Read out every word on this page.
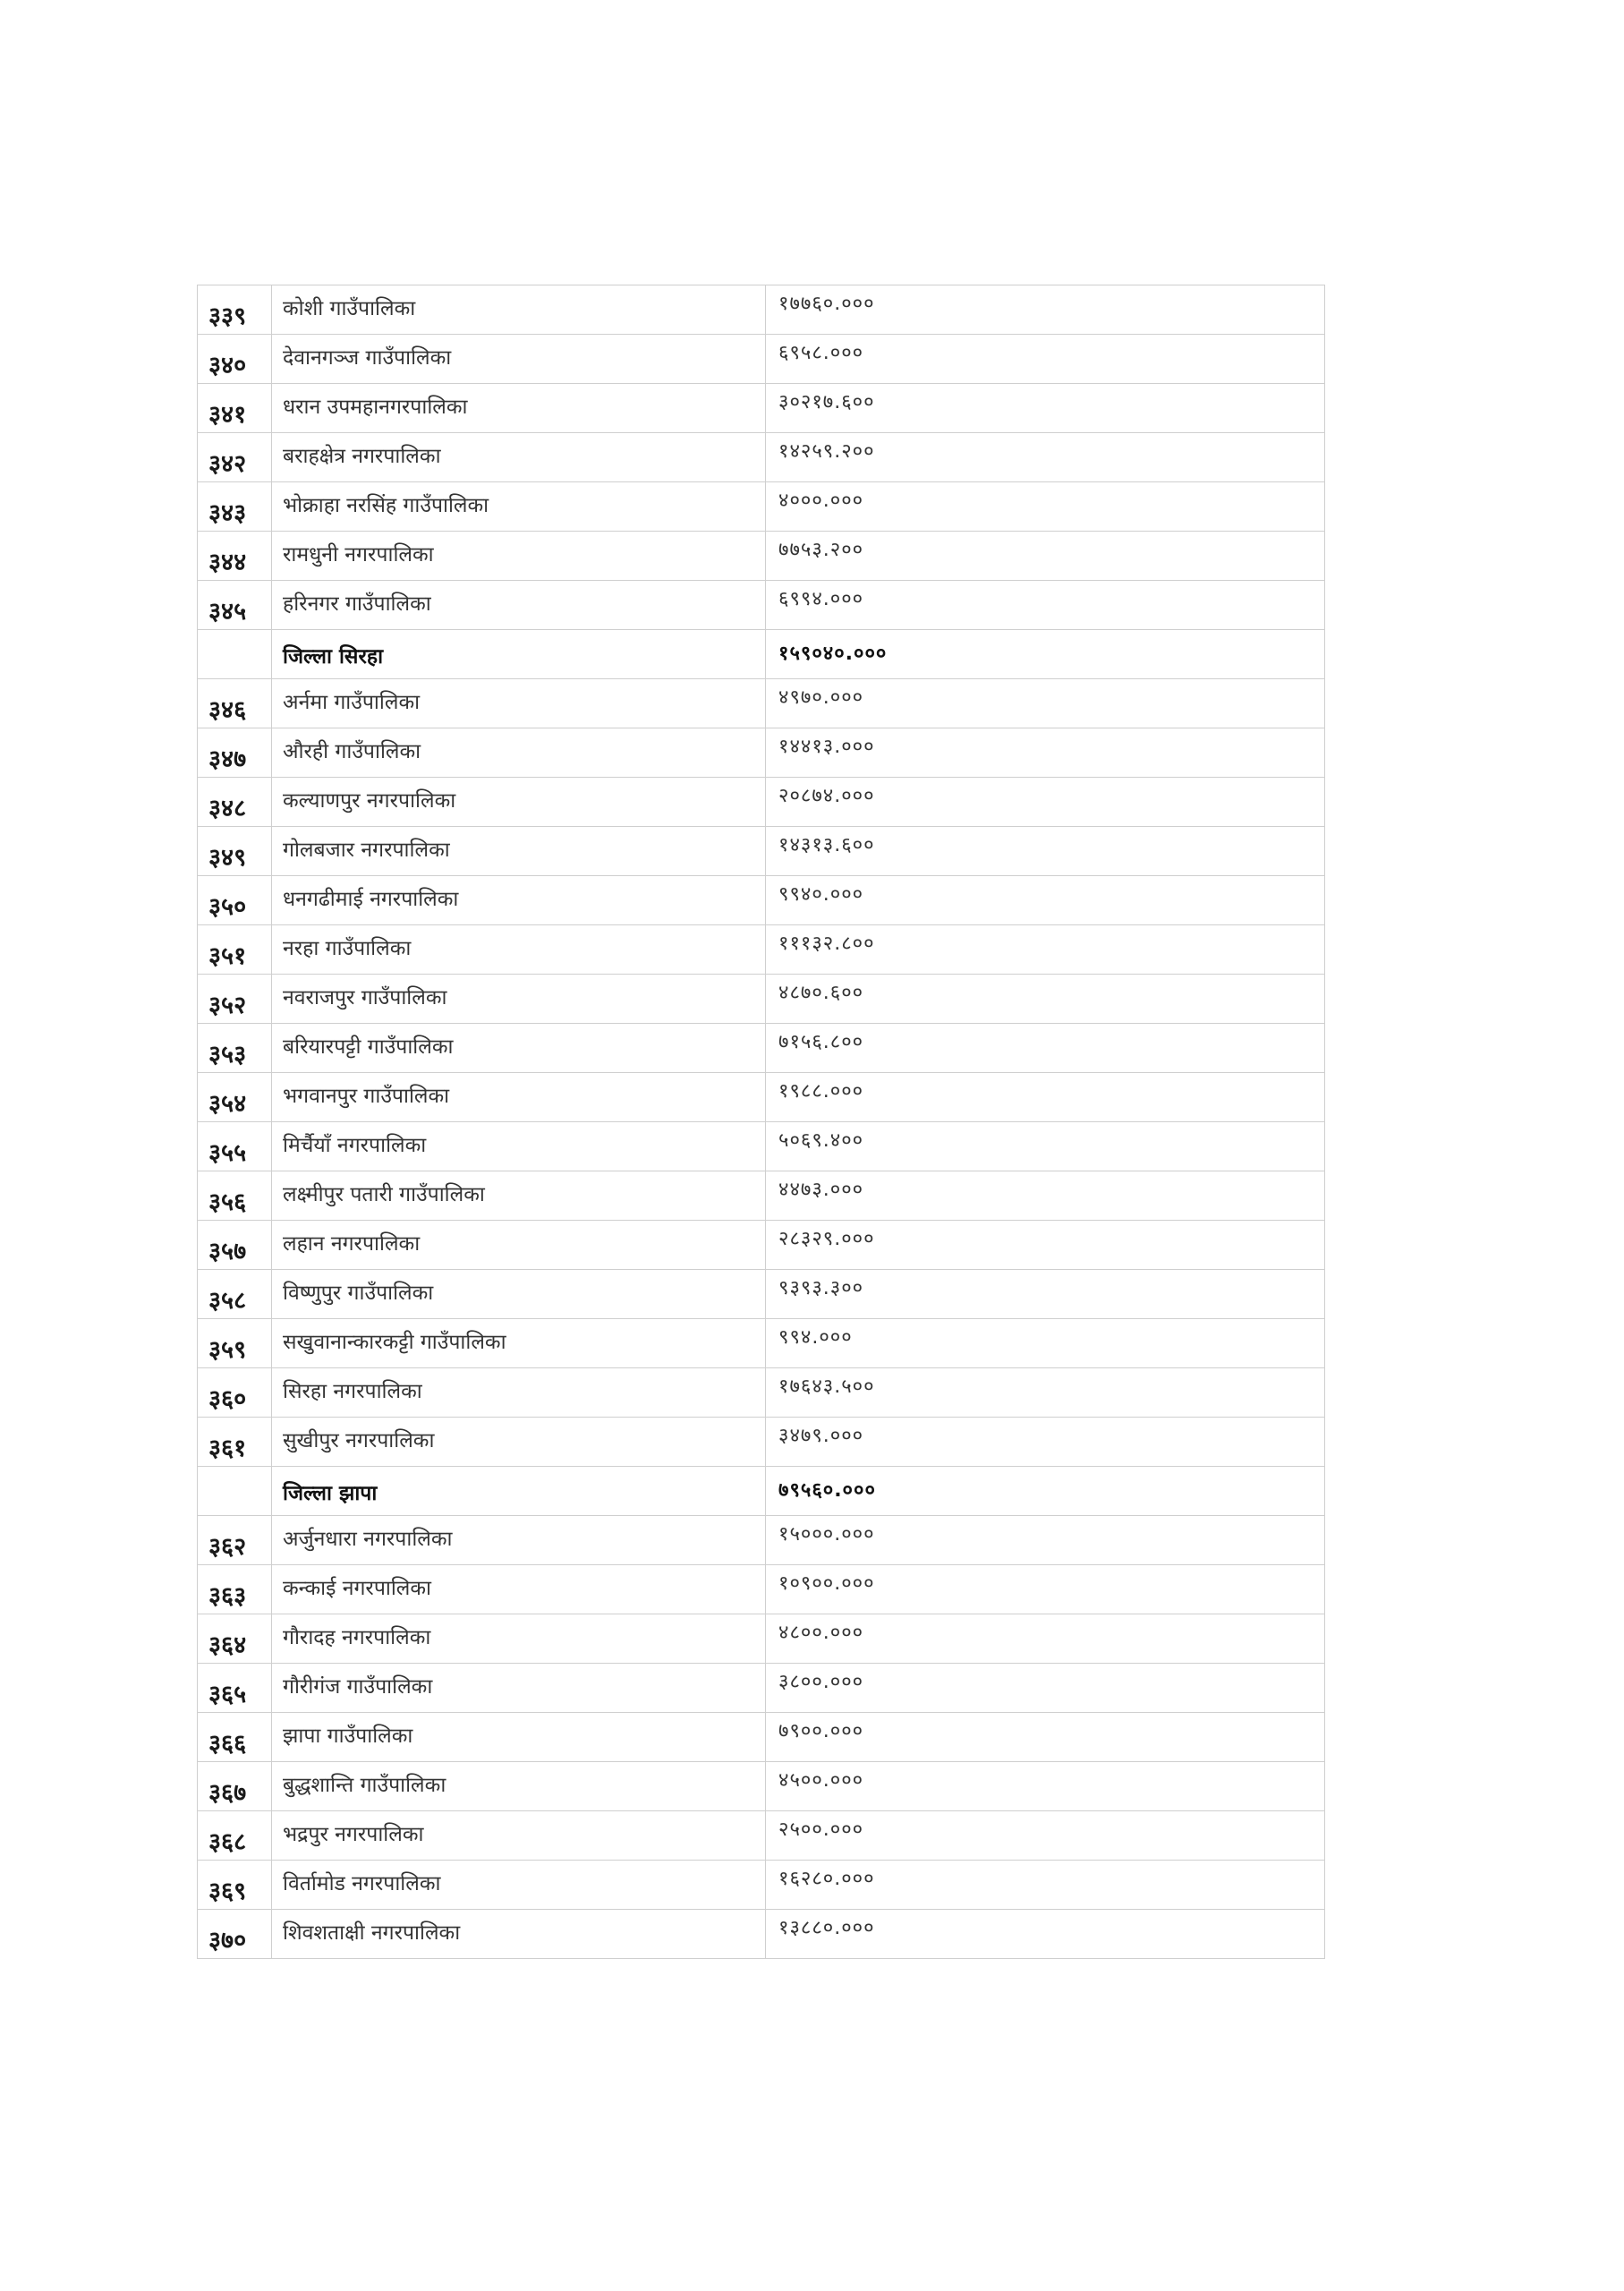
३३९	कोशी गाउँपालिका	१७७६०.०००

३४०	देवानगञ्ज गाउँपालिका	६९५८.०००

३४१	धरान उपमहानगरपालिका	३०२१७.६००

३४२	बराहक्षेत्र नगरपालिका	१४२५९.२००

३४३	भोक्राहा नरसिंह गाउँपालिका	४०००.०००

३४४	रामधुनी नगरपालिका	७७५३.२००

३४५	हरिनगर गाउँपालिका	६९९४.०००

	जिल्ला सिरहा	१५९०४०.०००

३४६	अर्नमा गाउँपालिका	४९७०.०००

३४७	औरही गाउँपालिका	१४४१३.०००

३४८	कल्याणपुर नगरपालिका	२०८७४.०००

३४९	गोलबजार नगरपालिका	१४३१३.६००

३५०	धनगढीमाई नगरपालिका	९९४०.०००

३५१	नरहा गाउँपालिका	१११३२.८००

३५२	नवराजपुर गाउँपालिका	४८७०.६००

३५३	बरियारपट्टी गाउँपालिका	७१५६.८००

३५४	भगवानपुर गाउँपालिका	१९८८.०००

३५५	मिर्चैयाँ नगरपालिका	५०६९.४००

३५६	लक्ष्मीपुर पतारी गाउँपालिका	४४७३.०००

३५७	लहान नगरपालिका	२८३२९.०००

३५८	विष्णुपुर गाउँपालिका	९३९३.३००

३५९	सखुवानान्कारकट्टी गाउँपालिका	९९४.०००

३६०	सिरहा नगरपालिका	१७६४३.५००

३६१	सुखीपुर नगरपालिका	३४७९.०००

	जिल्ला झापा	७९५६०.०००

३६२	अर्जुनधारा नगरपालिका	१५०००.०००

३६३	कन्काई नगरपालिका	१०९००.०००

३६४	गौरादह नगरपालिका	४८००.०००

३६५	गौरीगंज गाउँपालिका	३८००.०००

३६६	झापा गाउँपालिका	७९००.०००

३६७	बुद्धशान्ति गाउँपालिका	४५००.०००

३६८	भद्रपुर नगरपालिका	२५००.०००

३६९	विर्तामोड नगरपालिका	१६२८०.०००

३७०	शिवशताक्षी नगरपालिका	१३८८०.०००
